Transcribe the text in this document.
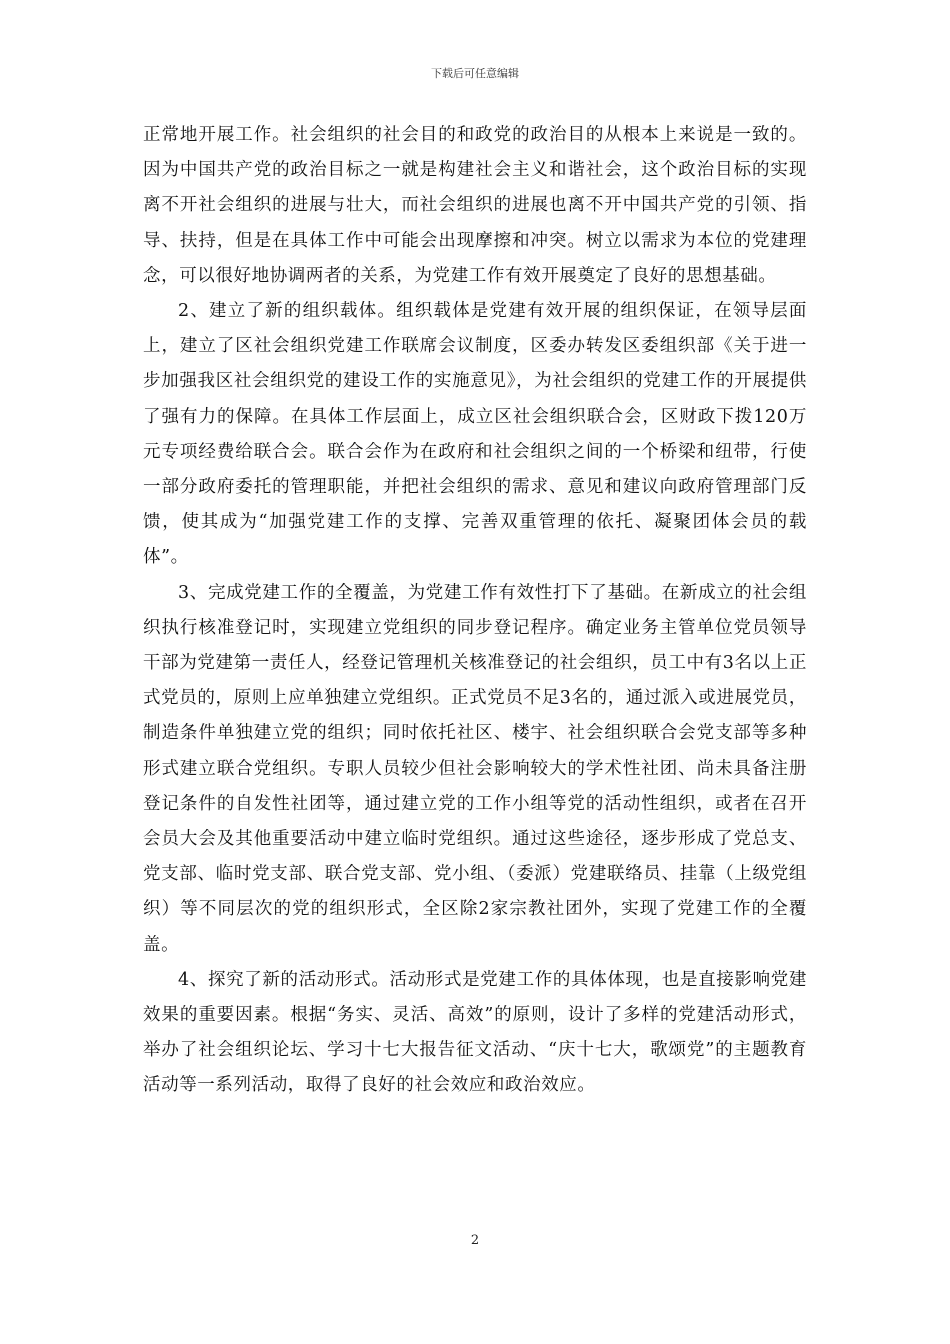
下载后可任意编辑

正常地开展工作。社会组织的社会目的和政党的政治目的从根本上来说是一致的。因为中国共产党的政治目标之一就是构建社会主义和谐社会，这个政治目标的实现离不开社会组织的进展与壮大，而社会组织的进展也离不开中国共产党的引领、指导、扶持，但是在具体工作中可能会出现摩擦和冲突。树立以需求为本位的党建理念，可以很好地协调两者的关系，为党建工作有效开展奠定了良好的思想基础。

2、建立了新的组织载体。组织载体是党建有效开展的组织保证，在领导层面上，建立了区社会组织党建工作联席会议制度，区委办转发区委组织部《关于进一步加强我区社会组织党的建设工作的实施意见》，为社会组织的党建工作的开展提供了强有力的保障。在具体工作层面上，成立区社会组织联合会，区财政下拨120万元专项经费给联合会。联合会作为在政府和社会组织之间的一个桥梁和纽带，行使一部分政府委托的管理职能，并把社会组织的需求、意见和建议向政府管理部门反馈，使其成为“加强党建工作的支撑、完善双重管理的依托、凝聚团体会员的载体”。

3、完成党建工作的全覆盖，为党建工作有效性打下了基础。在新成立的社会组织执行核准登记时，实现建立党组织的同步登记程序。确定业务主管单位党员领导干部为党建第一责任人，经登记管理机关核准登记的社会组织，员工中有3名以上正式党员的，原则上应单独建立党组织。正式党员不足3名的，通过派入或进展党员，制造条件单独建立党的组织；同时依托社区、楼宇、社会组织联合会党支部等多种形式建立联合党组织。专职人员较少但社会影响较大的学术性社团、尚未具备注册登记条件的自发性社团等，通过建立党的工作小组等党的活动性组织，或者在召开会员大会及其他重要活动中建立临时党组织。通过这些途径，逐步形成了党总支、党支部、临时党支部、联合党支部、党小组、（委派）党建联络员、挂靠（上级党组织）等不同层次的党的组织形式，全区除2家宗教社团外，实现了党建工作的全覆盖。

4、探究了新的活动形式。活动形式是党建工作的具体体现，也是直接影响党建效果的重要因素。根据“务实、灵活、高效”的原则，设计了多样的党建活动形式，举办了社会组织论坛、学习十七大报告征文活动、“庆十七大，歌颂党”的主题教育活动等一系列活动，取得了良好的社会效应和政治效应。

2
